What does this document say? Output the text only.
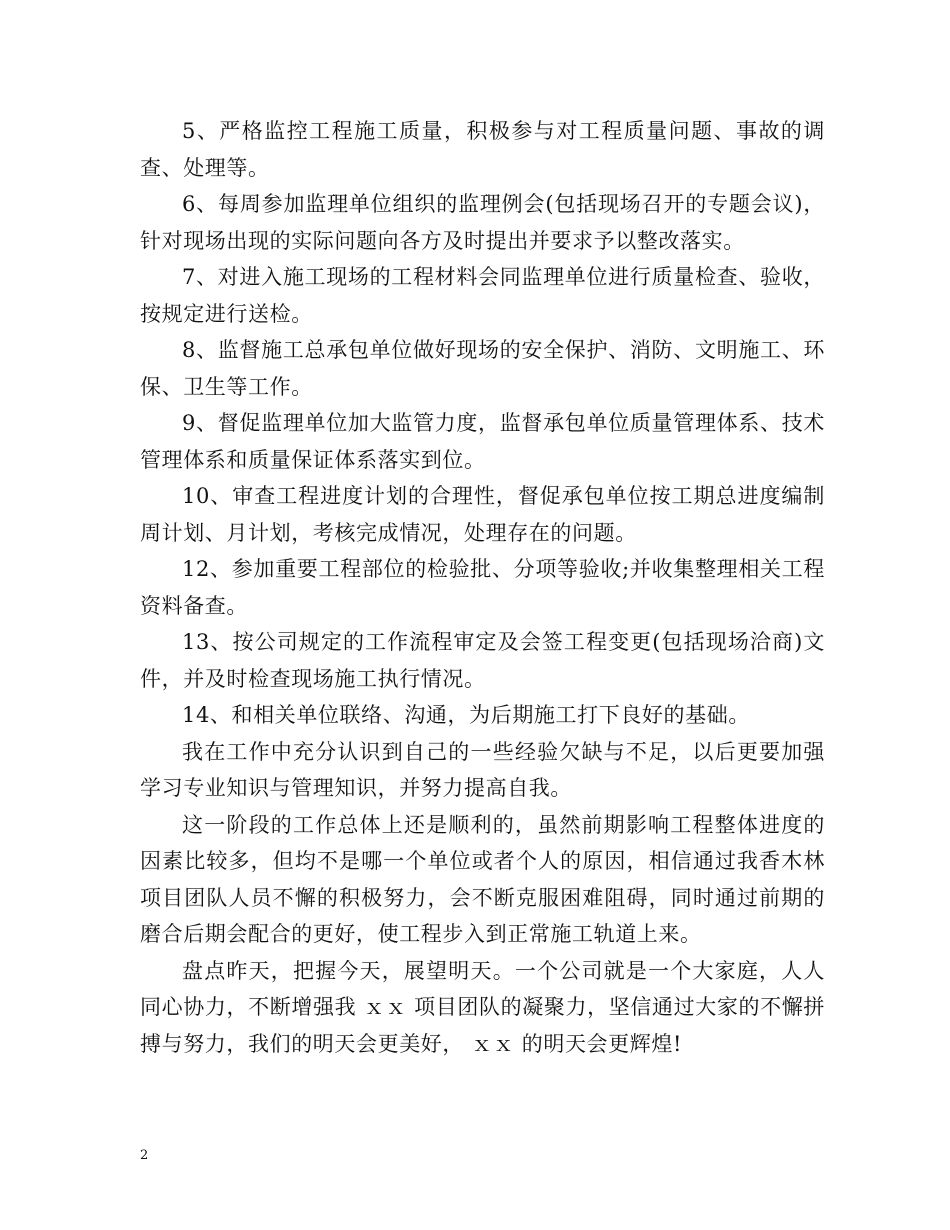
5、严格监控工程施工质量，积极参与对工程质量问题、事故的调查、处理等。

6、每周参加监理单位组织的监理例会(包括现场召开的专题会议)，针对现场出现的实际问题向各方及时提出并要求予以整改落实。

7、对进入施工现场的工程材料会同监理单位进行质量检查、验收，按规定进行送检。

8、监督施工总承包单位做好现场的安全保护、消防、文明施工、环保、卫生等工作。

9、督促监理单位加大监管力度，监督承包单位质量管理体系、技术管理体系和质量保证体系落实到位。

10、审查工程进度计划的合理性，督促承包单位按工期总进度编制周计划、月计划，考核完成情况，处理存在的问题。

12、参加重要工程部位的检验批、分项等验收;并收集整理相关工程资料备查。

13、按公司规定的工作流程审定及会签工程变更(包括现场洽商)文件，并及时检查现场施工执行情况。

14、和相关单位联络、沟通，为后期施工打下良好的基础。

我在工作中充分认识到自己的一些经验欠缺与不足，以后更要加强学习专业知识与管理知识，并努力提高自我。

这一阶段的工作总体上还是顺利的，虽然前期影响工程整体进度的因素比较多，但均不是哪一个单位或者个人的原因，相信通过我香木林项目团队人员不懈的积极努力，会不断克服困难阻碍，同时通过前期的磨合后期会配合的更好，使工程步入到正常施工轨道上来。

盘点昨天，把握今天，展望明天。一个公司就是一个大家庭，人人同心协力，不断增强我 ｘｘ 项目团队的凝聚力，坚信通过大家的不懈拼搏与努力，我们的明天会更美好， ｘｘ 的明天会更辉煌!

2
